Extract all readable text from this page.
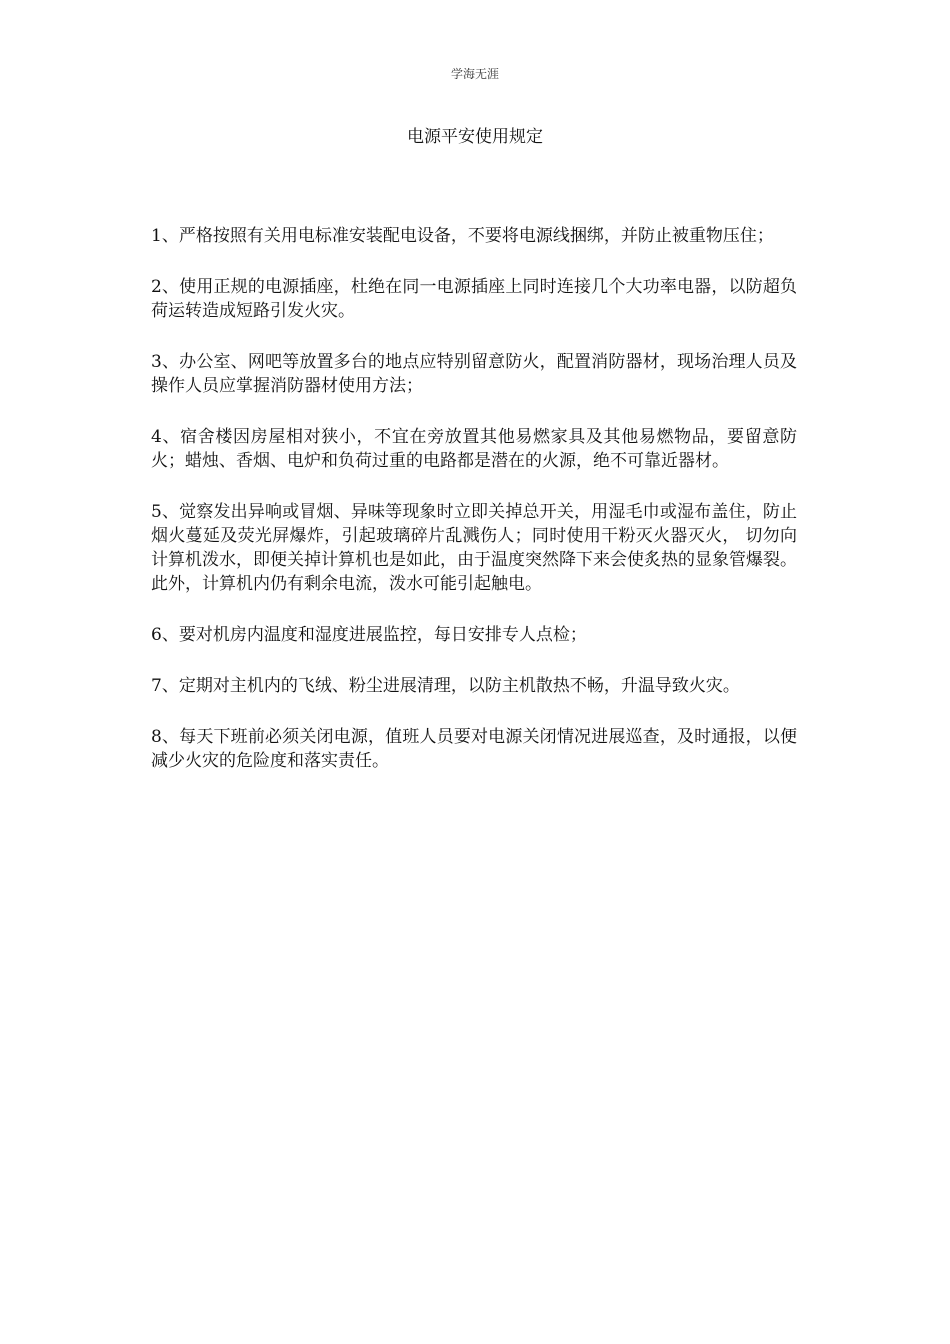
学海无涯
电源平安使用规定

1、严格按照有关用电标准安装配电设备，不要将电源线捆绑，并防止被重物压住；

2、使用正规的电源插座，杜绝在同一电源插座上同时连接几个大功率电器，以防超负荷运转造成短路引发火灾。

3、办公室、网吧等放置多台的地点应特别留意防火，配置消防器材，现场治理人员及操作人员应掌握消防器材使用方法；

4、宿舍楼因房屋相对狭小，不宜在旁放置其他易燃家具及其他易燃物品，要留意防火；蜡烛、香烟、电炉和负荷过重的电路都是潜在的火源，绝不可靠近器材。

5、觉察发出异响或冒烟、异味等现象时立即关掉总开关，用湿毛巾或湿布盖住，防止烟火蔓延及荧光屏爆炸，引起玻璃碎片乱溅伤人；同时使用干粉灭火器灭火， 切勿向计算机泼水，即便关掉计算机也是如此，由于温度突然降下来会使炙热的显象管爆裂。此外，计算机内仍有剩余电流，泼水可能引起触电。

6、要对机房内温度和湿度进展监控，每日安排专人点检；

7、定期对主机内的飞绒、粉尘进展清理，以防主机散热不畅，升温导致火灾。

8、每天下班前必须关闭电源，值班人员要对电源关闭情况进展巡查，及时通报，以便减少火灾的危险度和落实责任。
